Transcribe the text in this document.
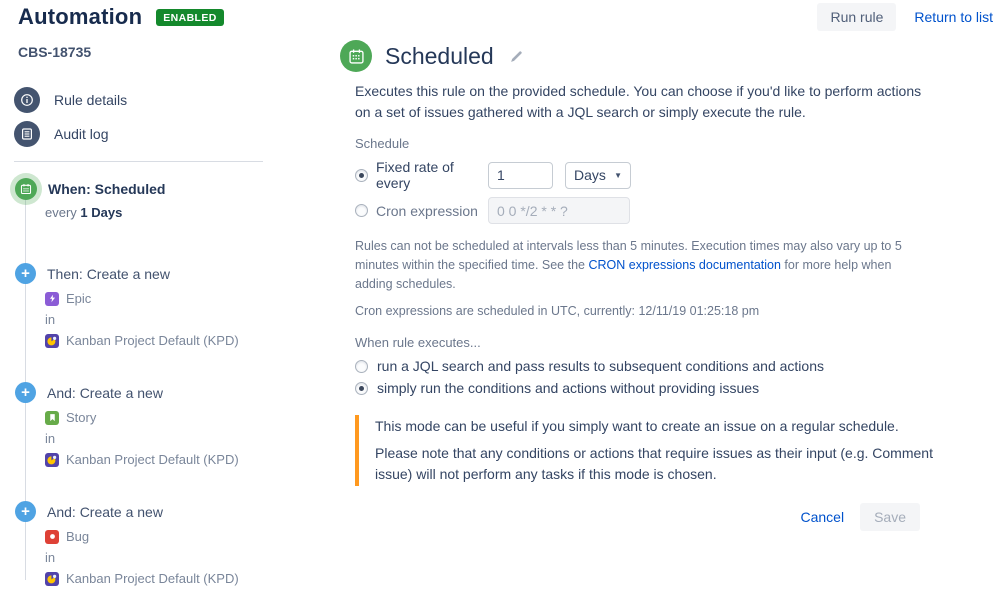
Run rule	Return to list
Automation	ENABLED
CBS-18735
Rule details
Audit log
When: Scheduled
every 1 Days
+	Then: Create a new
Epic
in
Kanban Project Default (KPD)
+	And: Create a new
Story
in
Kanban Project Default (KPD)
+	And: Create a new
Bug
in
Kanban Project Default (KPD)
Scheduled

Executes this rule on the provided schedule. You can choose if you'd like to perform actions on a set of issues gathered with a JQL search or simply execute the rule.

Schedule
Fixed rate of every
1	Days ▼
Cron expression
0 0 */2 * * ?

Rules can not be scheduled at intervals less than 5 minutes. Execution times may also vary up to 5 minutes within the specified time. See the CRON expressions documentation for more help when adding schedules.

Cron expressions are scheduled in UTC, currently: 12/11/19 01:25:18 pm

When rule executes...
run a JQL search and pass results to subsequent conditions and actions
simply run the conditions and actions without providing issues

This mode can be useful if you simply want to create an issue on a regular schedule.

Please note that any conditions or actions that require issues as their input (e.g. Comment issue) will not perform any tasks if this mode is chosen.

Cancel	Save
